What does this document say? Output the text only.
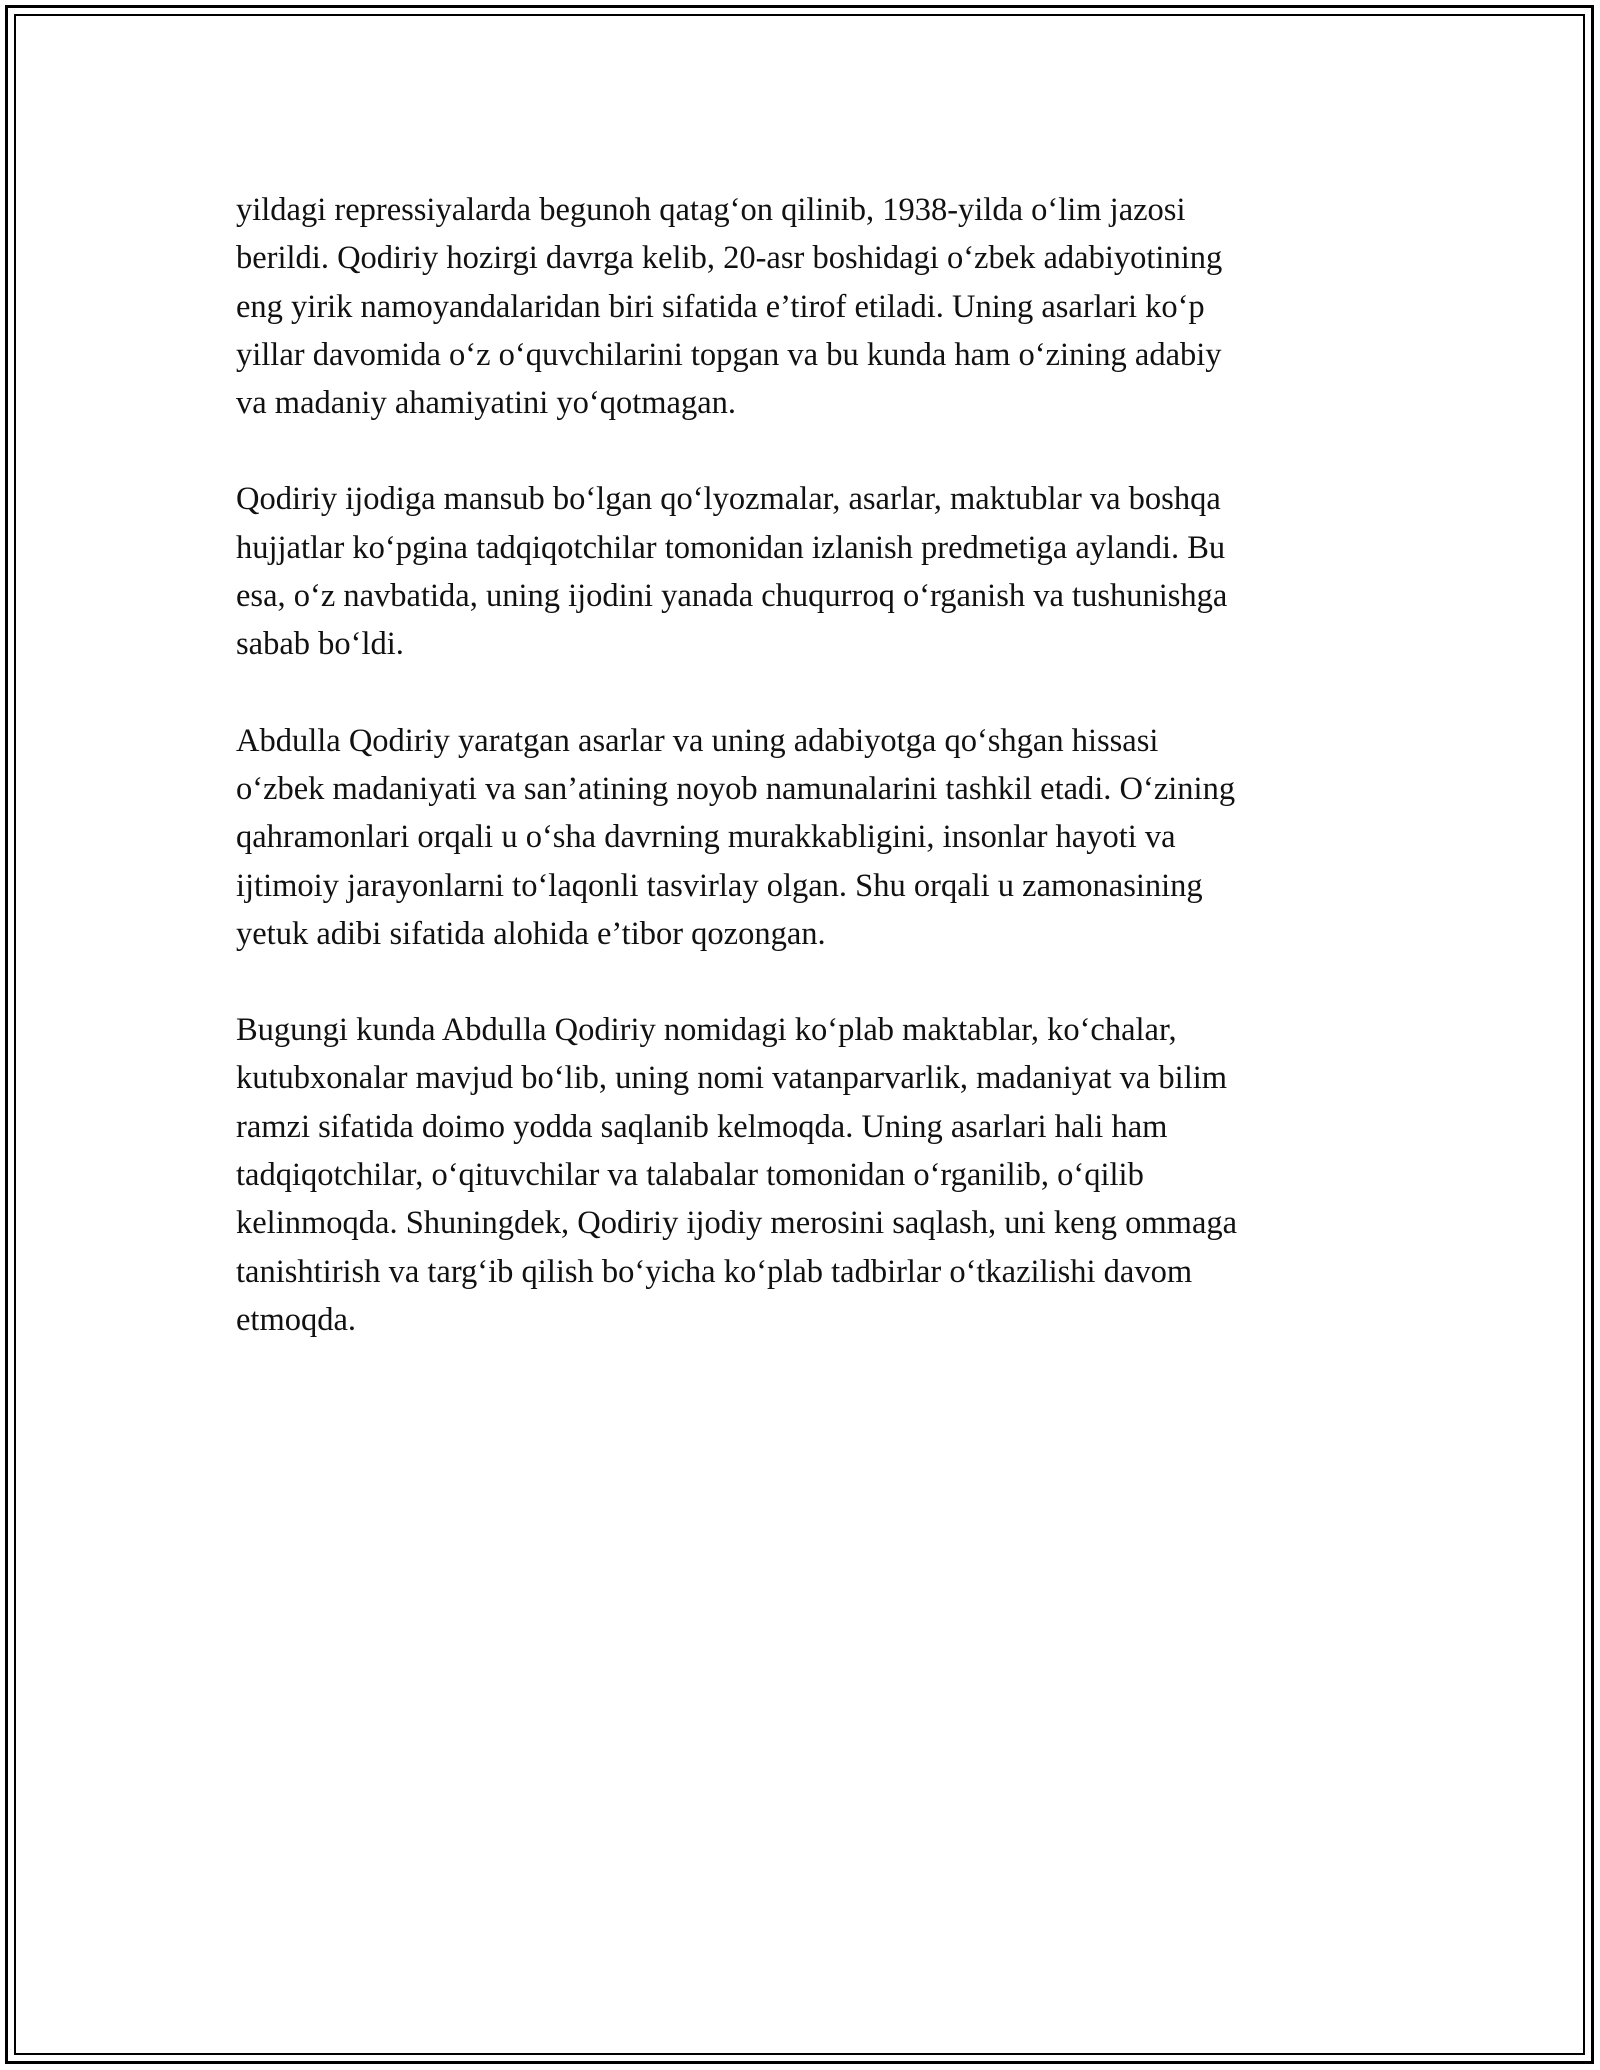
yildagi repressiyalarda begunoh qatag‘on qilinib, 1938-yilda o‘lim jazosi
berildi. Qodiriy hozirgi davrga kelib, 20-asr boshidagi o‘zbek adabiyotining
eng yirik namoyandalaridan biri sifatida e’tirof etiladi. Uning asarlari ko‘p
yillar davomida o‘z o‘quvchilarini topgan va bu kunda ham o‘zining adabiy
va madaniy ahamiyatini yo‘qotmagan.

Qodiriy ijodiga mansub bo‘lgan qo‘lyozmalar, asarlar, maktublar va boshqa
hujjatlar ko‘pgina tadqiqotchilar tomonidan izlanish predmetiga aylandi. Bu
esa, o‘z navbatida, uning ijodini yanada chuqurroq o‘rganish va tushunishga
sabab bo‘ldi.

Abdulla Qodiriy yaratgan asarlar va uning adabiyotga qo‘shgan hissasi
o‘zbek madaniyati va san’atining noyob namunalarini tashkil etadi. O‘zining
qahramonlari orqali u o‘sha davrning murakkabligini, insonlar hayoti va
ijtimoiy jarayonlarni to‘laqonli tasvirlay olgan. Shu orqali u zamonasining
yetuk adibi sifatida alohida e’tibor qozongan.

Bugungi kunda Abdulla Qodiriy nomidagi ko‘plab maktablar, ko‘chalar,
kutubxonalar mavjud bo‘lib, uning nomi vatanparvarlik, madaniyat va bilim
ramzi sifatida doimo yodda saqlanib kelmoqda. Uning asarlari hali ham
tadqiqotchilar, o‘qituvchilar va talabalar tomonidan o‘rganilib, o‘qilib
kelinmoqda. Shuningdek, Qodiriy ijodiy merosini saqlash, uni keng ommaga
tanishtirish va targ‘ib qilish bo‘yicha ko‘plab tadbirlar o‘tkazilishi davom
etmoqda.
